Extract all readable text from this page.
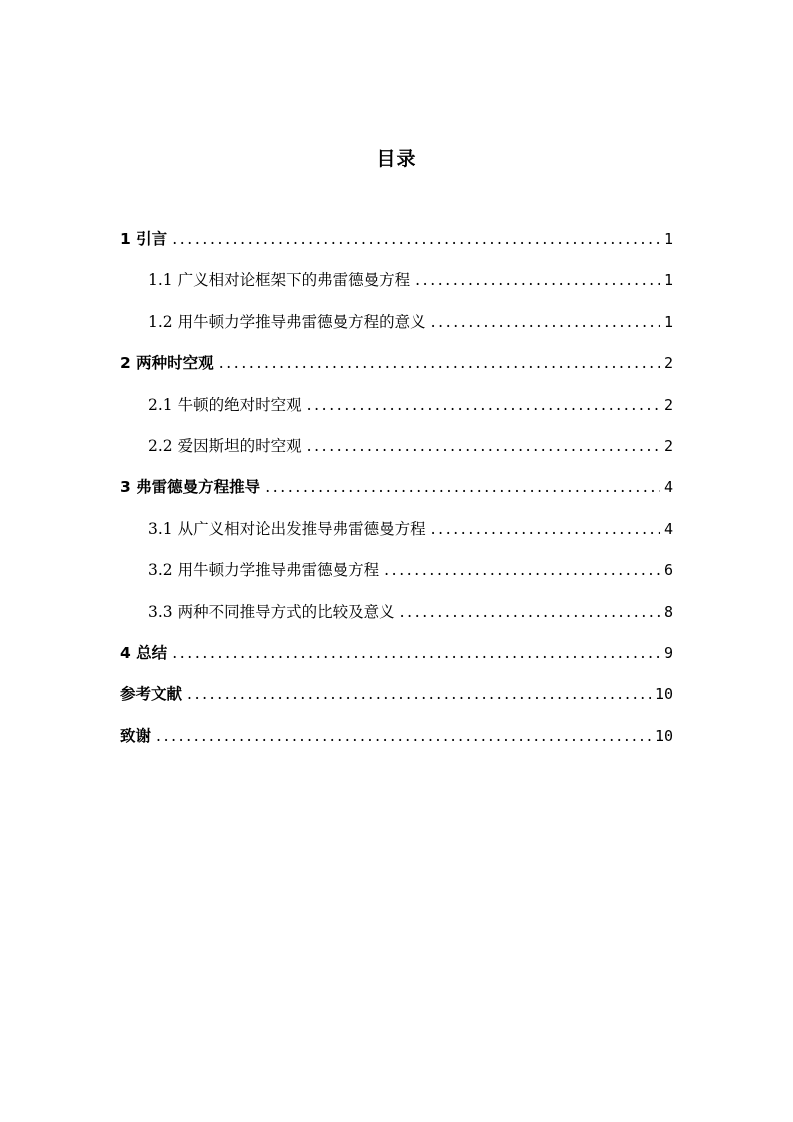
目录
1 引言 . . .	1
1.1 广义相对论框架下的弗雷德曼方程 . . .	1
1.2 用牛顿力学推导弗雷德曼方程的意义 . . .	1
2 两种时空观 . . .	2
2.1 牛顿的绝对时空观 . . .	2
2.2 爱因斯坦的时空观 . . .	2
3 弗雷德曼方程推导 . . .	4
3.1 从广义相对论出发推导弗雷德曼方程 . . .	4
3.2 用牛顿力学推导弗雷德曼方程 . . .	6
3.3 两种不同推导方式的比较及意义 . . .	8
4 总结 . . .	9
参考文献 . . .	10
致谢 . . .	10
